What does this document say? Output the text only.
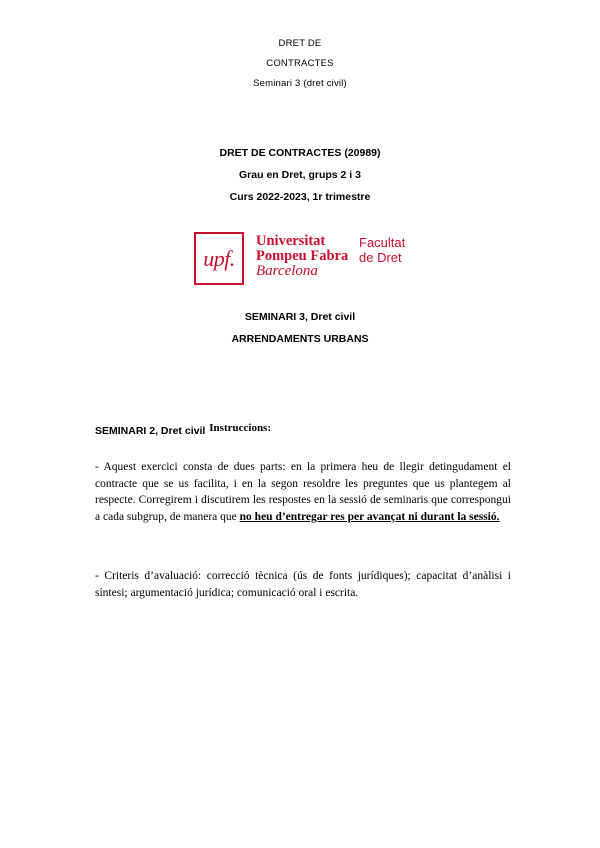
DRET DE
CONTRACTES
Seminari 3 (dret civil)
DRET DE CONTRACTES (20989)
Grau en Dret, grups 2 i 3
Curs 2022-2023, 1r trimestre
upf.
Universitat
Pompeu Fabra
Barcelona
Facultat
de Dret
SEMINARI 3, Dret civil
ARRENDAMENTS URBANS
SEMINARI 2, Dret civil Instruccions:
- Aquest exercici consta de dues parts: en la primera heu de llegir detingudament el contracte que se us facilita, i en la segon resoldre les preguntes que us plantegem al respecte. Corregirem i discutirem les respostes en la sessió de seminaris que correspongui a cada subgrup, de manera que no heu d’entregar res per avançat ni durant la sessió.
- Criteris d’avaluació: correcció tècnica (ús de fonts jurídiques); capacitat d’anàlisi i síntesi; argumentació jurídica; comunicació oral i escrita.
